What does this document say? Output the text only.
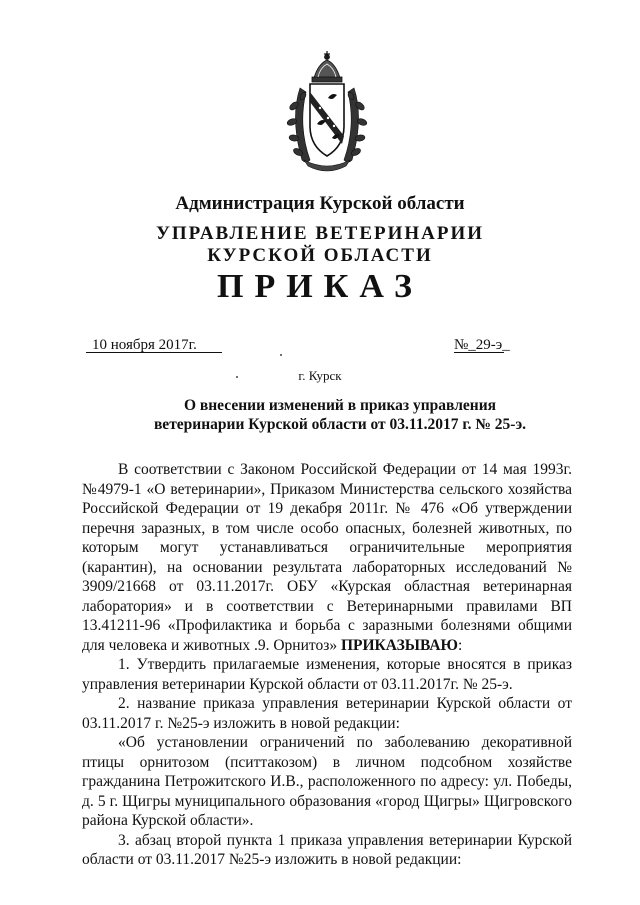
Администрация Курской области
УПРАВЛЕНИЕ ВЕТЕРИНАРИИ
КУРСКОЙ ОБЛАСТИ
ПРИКАЗ
10 ноября 2017г.	№_29-э_
г. Курск
О внесении изменений в приказ управления ветеринарии Курской области от 03.11.2017 г. № 25-э.

В соответствии с Законом Российской Федерации от 14 мая 1993г. №4979-1 «О ветеринарии», Приказом Министерства сельского хозяйства Российской Федерации от 19 декабря 2011г. № 476 «Об утверждении перечня заразных, в том числе особо опасных, болезней животных, по которым могут устанавливаться ограничительные мероприятия (карантин), на основании результата лабораторных исследований № 3909/21668 от 03.11.2017г. ОБУ «Курская областная ветеринарная лаборатория» и в соответствии с Ветеринарными правилами ВП 13.41211-96 «Профилактика и борьба с заразными болезнями общими для человека и животных .9. Орнитоз» ПРИКАЗЫВАЮ:

1. Утвердить прилагаемые изменения, которые вносятся в приказ управления ветеринарии Курской области от 03.11.2017г. № 25-э.

2. название приказа управления ветеринарии Курской области от 03.11.2017 г. №25-э изложить в новой редакции:

«Об установлении ограничений по заболеванию декоративной птицы орнитозом (пситтакозом) в личном подсобном хозяйстве гражданина Петрожитского И.В., расположенного по адресу: ул. Победы, д. 5 г. Щигры муниципального образования «город Щигры» Щигровского района Курской области».

3. абзац второй пункта 1 приказа управления ветеринарии Курской области от 03.11.2017 №25-э изложить в новой редакции:
